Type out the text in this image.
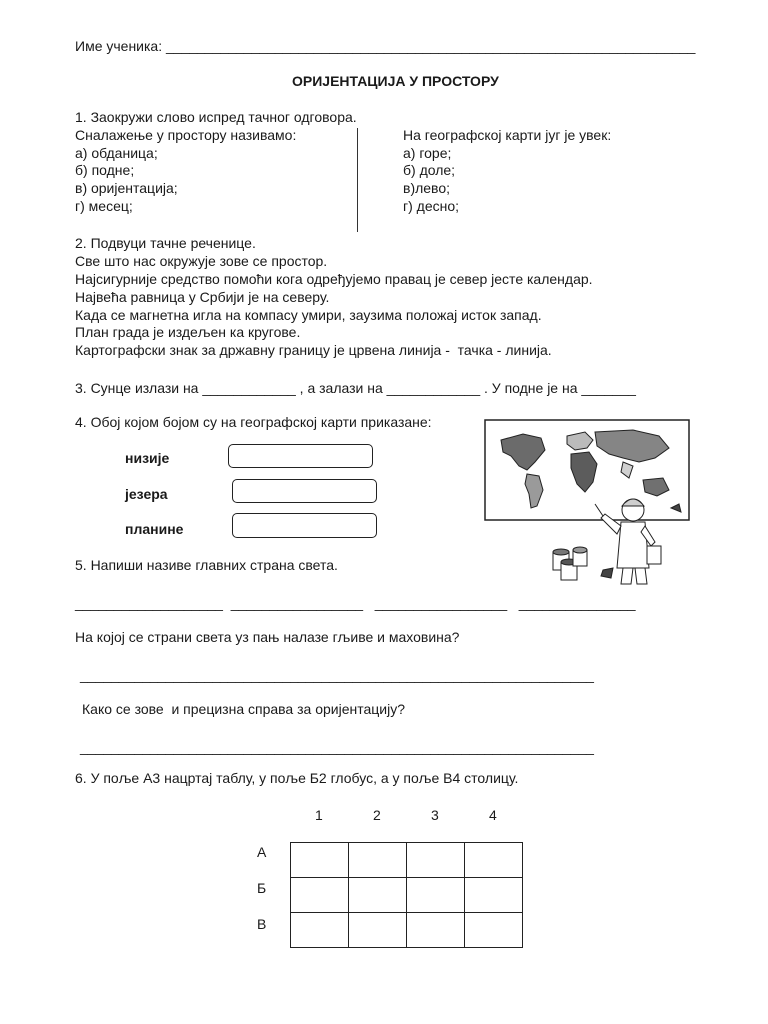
Име ученика: ____________________________________________________________________
ОРИЈЕНТАЦИЈА У ПРОСТОРУ
1. Заокружи слово испред тачног одговора.
Сналажење у простору називамо:
а) обданица;
б) подне;
в) оријентација;
г) месец;
На географској карти југ је увек:
а) горе;
б) доле;
в)лево;
г) десно;
2. Подвуци тачне реченице.
Све што нас окружује зове се простор.
Најсигурније средство помоћи кога одређујемо правац је север јесте календар.
Највећа равница у Србији је на северу.
Када се магнетна игла на компасу умири, заузима положај исток запад.
План града је издељен ка кругове.
Картографски знак за државну границу је црвена линија -  тачка - линија.
3. Сунце излази на ____________ , а залази на ____________ . У подне је на _______
4. Обој којом бојом су на географској карти приказане:
низије
језера
планине
5. Напиши називе главних страна света.
___________________  _________________   _________________   _______________
На којој се страни света уз пањ налазе гљиве и маховина?
__________________________________________________________________
Како се зове  и прецизна справа за оријентацију?
__________________________________________________________________
6. У поље А3 нацртај таблу, у поље Б2 глобус, а у поље В4 столицу.
1	2	3	4
А
Б
В
